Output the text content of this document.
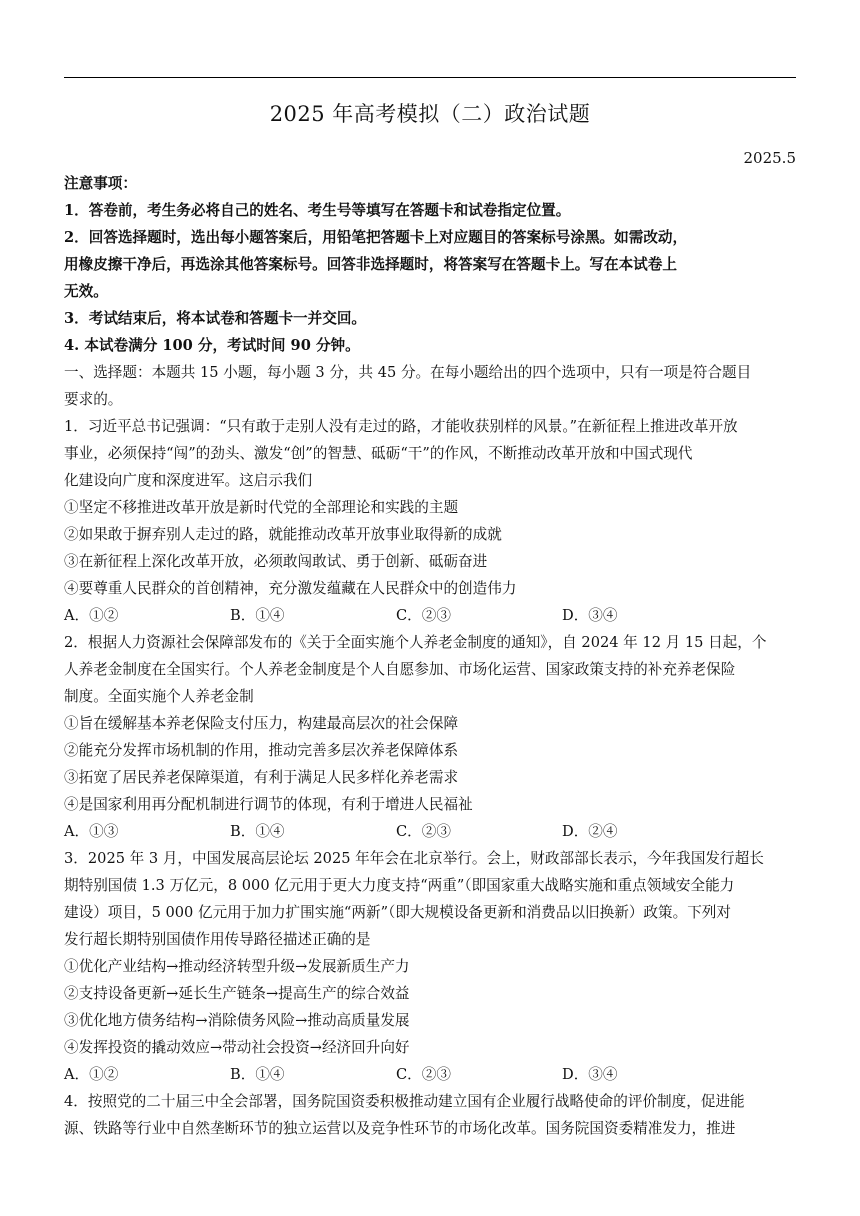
2025 年高考模拟（二）政治试题
2025.5
注意事项：
1．答卷前，考生务必将自己的姓名、考生号等填写在答题卡和试卷指定位置。
2．回答选择题时，选出每小题答案后，用铅笔把答题卡上对应题目的答案标号涂黑。如需改动，
用橡皮擦干净后，再选涂其他答案标号。回答非选择题时，将答案写在答题卡上。写在本试卷上
无效。
3．考试结束后，将本试卷和答题卡一并交回。
4. 本试卷满分 100 分，考试时间 90 分钟。
一、选择题：本题共 15 小题，每小题 3 分，共 45 分。在每小题给出的四个选项中，只有一项是符合题目
要求的。
1．习近平总书记强调：“只有敢于走别人没有走过的路，才能收获别样的风景。”在新征程上推进改革开放
事业，必须保持“闯”的劲头、激发“创”的智慧、砥砺“干”的作风，不断推动改革开放和中国式现代
化建设向广度和深度进军。这启示我们
①坚定不移推进改革开放是新时代党的全部理论和实践的主题
②如果敢于摒弃别人走过的路，就能推动改革开放事业取得新的成就
③在新征程上深化改革开放，必须敢闯敢试、勇于创新、砥砺奋进
④要尊重人民群众的首创精神，充分激发蕴藏在人民群众中的创造伟力
A．①②	B．①④	C．②③	D．③④
2．根据人力资源社会保障部发布的《关于全面实施个人养老金制度的通知》，自 2024 年 12 月 15 日起，个
人养老金制度在全国实行。个人养老金制度是个人自愿参加、市场化运营、国家政策支持的补充养老保险
制度。全面实施个人养老金制
①旨在缓解基本养老保险支付压力，构建最高层次的社会保障
②能充分发挥市场机制的作用，推动完善多层次养老保障体系
③拓宽了居民养老保障渠道，有利于满足人民多样化养老需求
④是国家利用再分配机制进行调节的体现，有利于增进人民福祉
A．①③	B．①④	C．②③	D．②④
3．2025 年 3 月，中国发展高层论坛 2025 年年会在北京举行。会上，财政部部长表示，今年我国发行超长
期特别国债 1.3 万亿元，8 000 亿元用于更大力度支持“两重”（即国家重大战略实施和重点领域安全能力
建设）项目，5 000 亿元用于加力扩围实施“两新”（即大规模设备更新和消费品以旧换新）政策。下列对
发行超长期特别国债作用传导路径描述正确的是
①优化产业结构→推动经济转型升级→发展新质生产力
②支持设备更新→延长生产链条→提高生产的综合效益
③优化地方债务结构→消除债务风险→推动高质量发展
④发挥投资的撬动效应→带动社会投资→经济回升向好
A．①②	B．①④	C．②③	D．③④
4．按照党的二十届三中全会部署，国务院国资委积极推动建立国有企业履行战略使命的评价制度，促进能
源、铁路等行业中自然垄断环节的独立运营以及竞争性环节的市场化改革。国务院国资委精准发力，推进
